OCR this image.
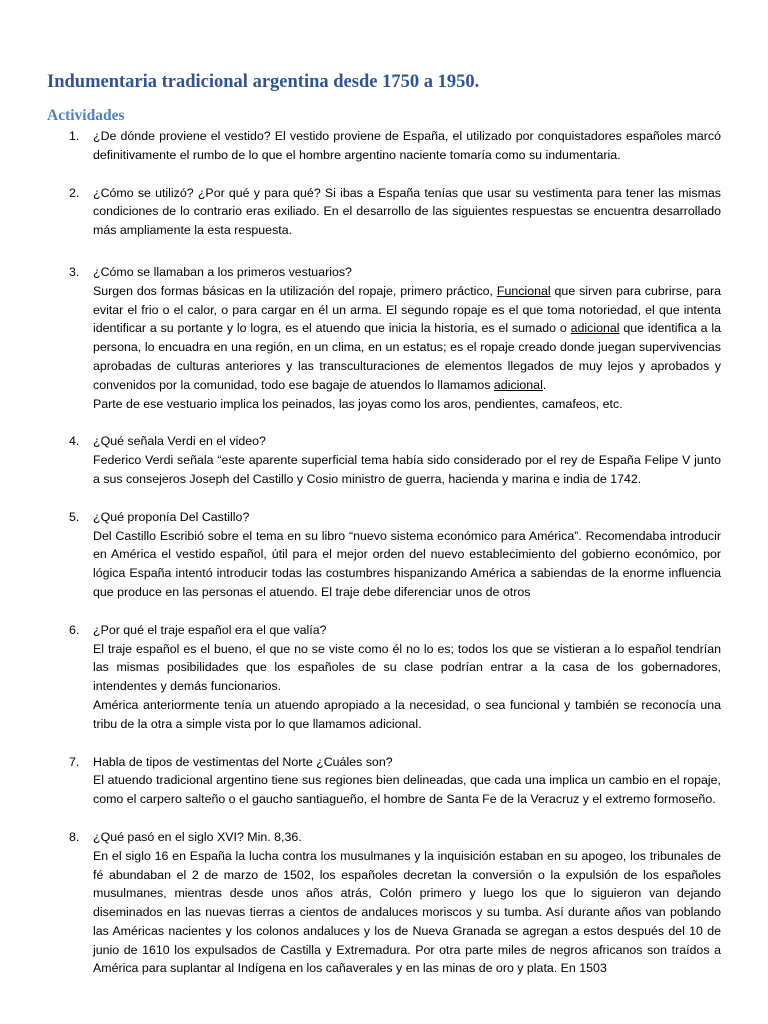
Indumentaria tradicional argentina desde 1750 a 1950.
Actividades
1. ¿De dónde proviene el vestido? El vestido proviene de España, el utilizado por conquistadores españoles marcó definitivamente el rumbo de lo que el hombre argentino naciente tomaría como su indumentaria.
2. ¿Cómo se utilizó? ¿Por qué y para qué? Si ibas a España tenías que usar su vestimenta para tener las mismas condiciones de lo contrario eras exiliado. En el desarrollo de las siguientes respuestas se encuentra desarrollado más ampliamente la esta respuesta.
3. ¿Cómo se llamaban a los primeros vestuarios?
Surgen dos formas básicas en la utilización del ropaje, primero práctico, Funcional que sirven para cubrirse, para evitar el frio o el calor, o para cargar en él un arma. El segundo ropaje es el que toma notoriedad, el que intenta identificar a su portante y lo logra, es el atuendo que inicia la historia, es el sumado o adicional que identifica a la persona, lo encuadra en una región, en un clima, en un estatus; es el ropaje creado donde juegan supervivencias aprobadas de culturas anteriores y las transculturaciones de elementos llegados de muy lejos y aprobados y convenidos por la comunidad, todo ese bagaje de atuendos lo llamamos adicional.
Parte de ese vestuario implica los peinados, las joyas como los aros, pendientes, camafeos, etc.
4. ¿Qué señala Verdi en el video?
Federico Verdi señala “este aparente superficial tema había sido considerado por el rey de España Felipe V junto a sus consejeros Joseph del Castillo y Cosio ministro de guerra, hacienda y marina e india de 1742.
5. ¿Qué proponía Del Castillo?
Del Castillo Escribió sobre el tema en su libro “nuevo sistema económico para América”. Recomendaba introducir en América el vestido español, útil para el mejor orden del nuevo establecimiento del gobierno económico, por lógica España intentó introducir todas las costumbres hispanizando América a sabiendas de la enorme influencia que produce en las personas el atuendo. El traje debe diferenciar unos de otros
6. ¿Por qué el traje español era el que valía?
El traje español es el bueno, el que no se viste como él no lo es; todos los que se vistieran a lo español tendrían las mismas posibilidades que los españoles de su clase podrían entrar a la casa de los gobernadores, intendentes y demás funcionarios.
América anteriormente tenía un atuendo apropiado a la necesidad, o sea funcional y también se reconocía una tribu de la otra a simple vista por lo que llamamos adicional.
7. Habla de tipos de vestimentas del Norte ¿Cuáles son?
El atuendo tradicional argentino tiene sus regiones bien delineadas, que cada una implica un cambio en el ropaje, como el carpero salteño o el gaucho santiagueño, el hombre de Santa Fe de la Veracruz y el extremo formoseño.
8. ¿Qué pasó en el siglo XVI? Min. 8,36.
En el siglo 16 en España la lucha contra los musulmanes y la inquisición estaban en su apogeo, los tribunales de fé abundaban el 2 de marzo de 1502, los españoles decretan la conversión o la expulsión de los españoles musulmanes, mientras desde unos años atrás, Colón primero y luego los que lo siguieron van dejando diseminados en las nuevas tierras a cientos de andaluces moriscos y su tumba. Así durante años van poblando las Américas nacientes y los colonos andaluces y los de Nueva Granada se agregan a estos después del 10 de junio de 1610 los expulsados de Castilla y Extremadura. Por otra parte miles de negros africanos son traídos a América para suplantar al Indígena en los cañaverales y en las minas de oro y plata. En 1503
